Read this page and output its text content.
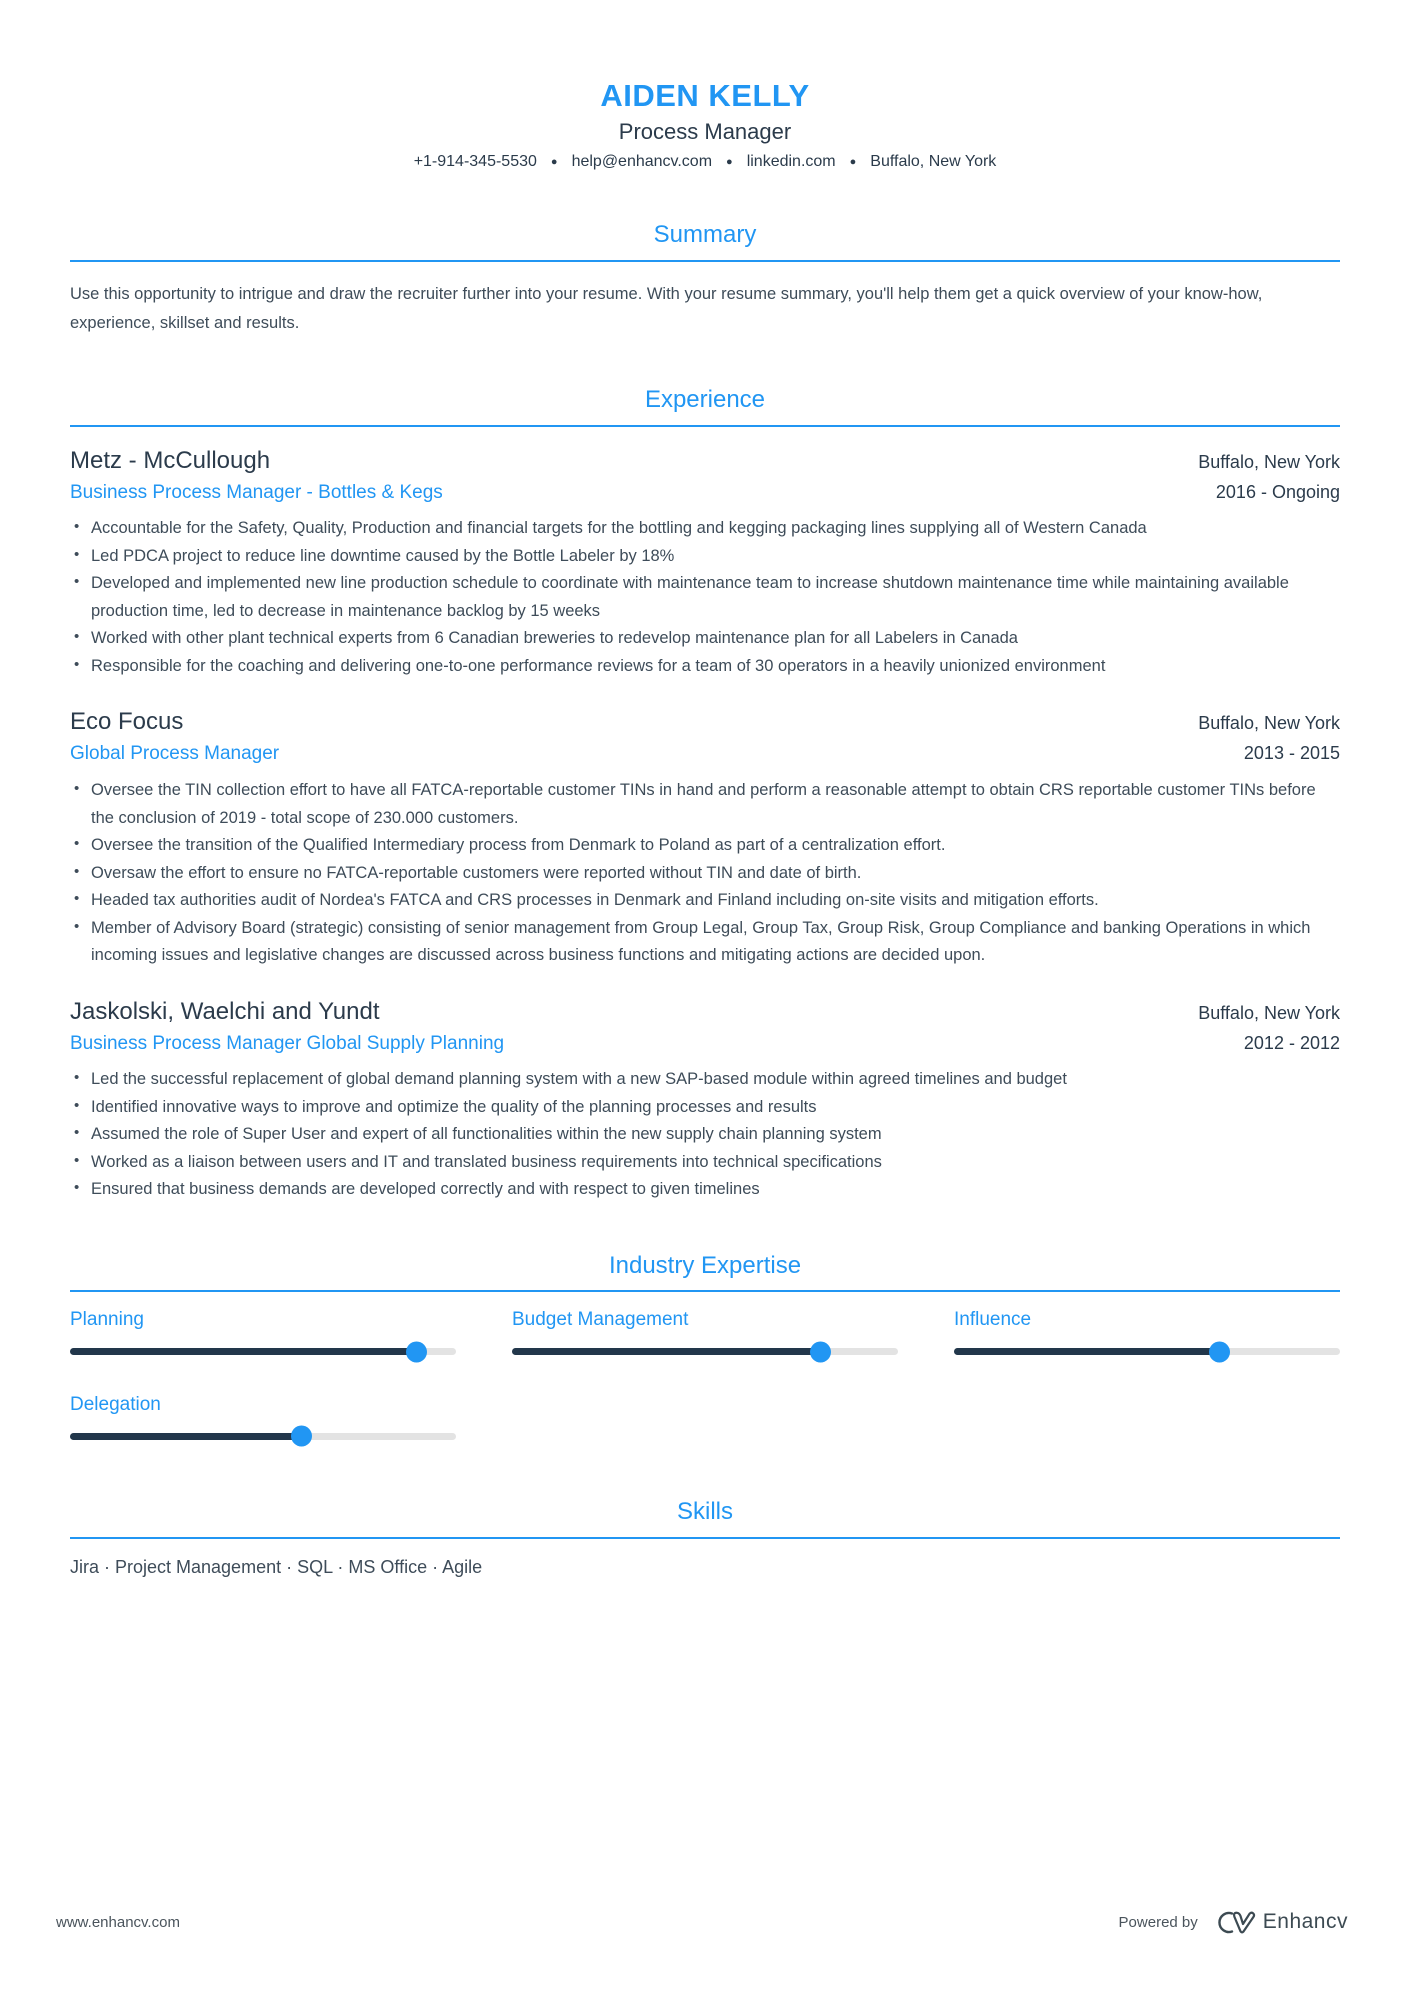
AIDEN KELLY
Process Manager
+1-914-345-5530 ● help@enhancv.com ● linkedin.com ● Buffalo, New York
Summary
Use this opportunity to intrigue and draw the recruiter further into your resume. With your resume summary, you'll help them get a quick overview of your know-how, experience, skillset and results.
Experience
Metz - McCullough	Buffalo, New York
Business Process Manager - Bottles & Kegs	2016 - Ongoing
• Accountable for the Safety, Quality, Production and financial targets for the bottling and kegging packaging lines supplying all of Western Canada
• Led PDCA project to reduce line downtime caused by the Bottle Labeler by 18%
• Developed and implemented new line production schedule to coordinate with maintenance team to increase shutdown maintenance time while maintaining available production time, led to decrease in maintenance backlog by 15 weeks
• Worked with other plant technical experts from 6 Canadian breweries to redevelop maintenance plan for all Labelers in Canada
• Responsible for the coaching and delivering one-to-one performance reviews for a team of 30 operators in a heavily unionized environment
Eco Focus	Buffalo, New York
Global Process Manager	2013 - 2015
• Oversee the TIN collection effort to have all FATCA-reportable customer TINs in hand and perform a reasonable attempt to obtain CRS reportable customer TINs before the conclusion of 2019 - total scope of 230.000 customers.
• Oversee the transition of the Qualified Intermediary process from Denmark to Poland as part of a centralization effort.
• Oversaw the effort to ensure no FATCA-reportable customers were reported without TIN and date of birth.
• Headed tax authorities audit of Nordea's FATCA and CRS processes in Denmark and Finland including on-site visits and mitigation efforts.
• Member of Advisory Board (strategic) consisting of senior management from Group Legal, Group Tax, Group Risk, Group Compliance and banking Operations in which incoming issues and legislative changes are discussed across business functions and mitigating actions are decided upon.
Jaskolski, Waelchi and Yundt	Buffalo, New York
Business Process Manager Global Supply Planning	2012 - 2012
• Led the successful replacement of global demand planning system with a new SAP-based module within agreed timelines and budget
• Identified innovative ways to improve and optimize the quality of the planning processes and results
• Assumed the role of Super User and expert of all functionalities within the new supply chain planning system
• Worked as a liaison between users and IT and translated business requirements into technical specifications
• Ensured that business demands are developed correctly and with respect to given timelines
Industry Expertise
Planning	Budget Management	Influence
Delegation
Skills
Jira · Project Management · SQL · MS Office · Agile
www.enhancv.com	Powered by	Enhancv
